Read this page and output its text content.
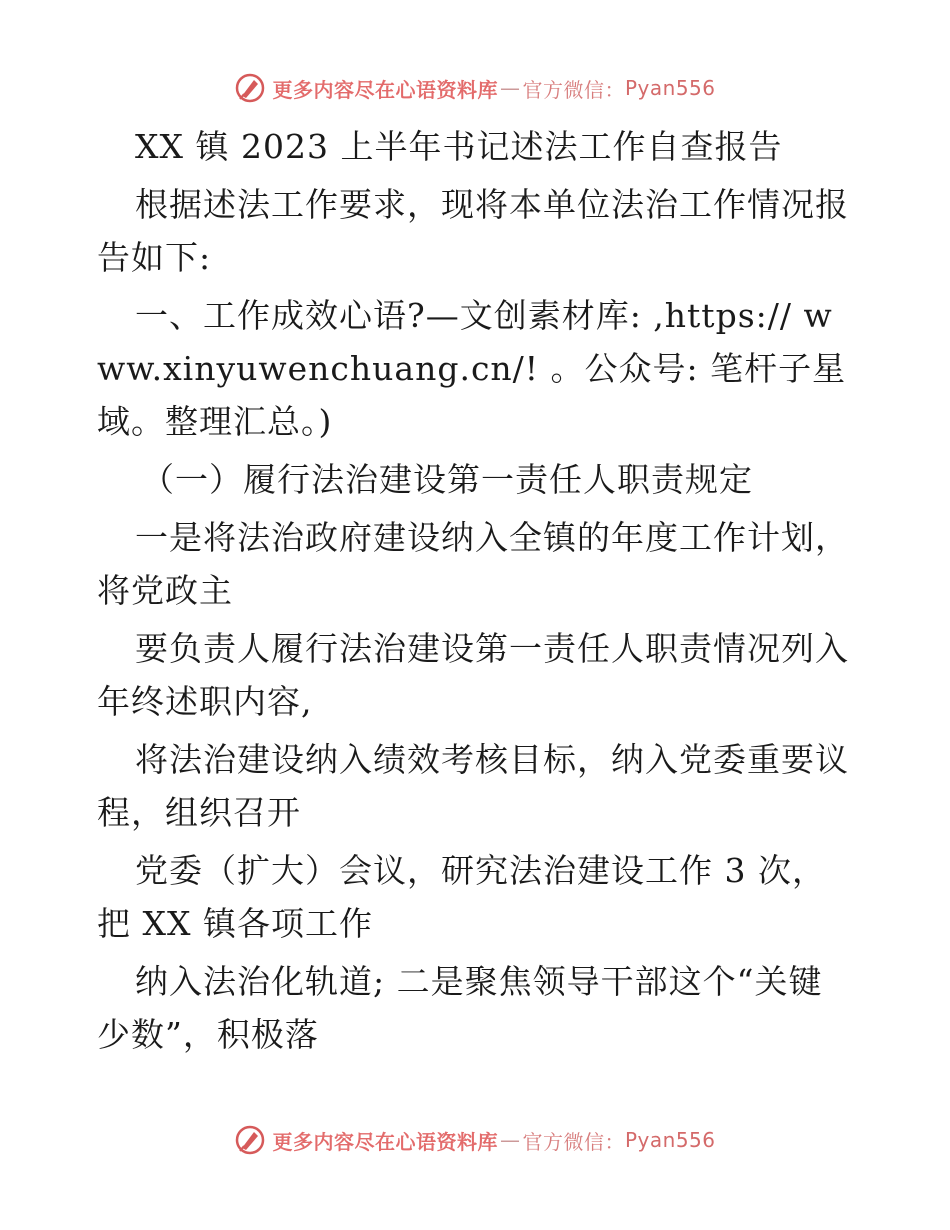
更多内容尽在心语资料库 — 官方微信： Pyan556

XX 镇 2023 上半年书记述法工作自查报告

根据述法工作要求，现将本单位法治工作情况报告如下:

一、工作成效心语?—文创素材库: ,https:// www.xinyuwenchuang.cn/! 。公众号: 笔杆子星域。整理汇总。)

（一）履行法治建设第一责任人职责规定

一是将法治政府建设纳入全镇的年度工作计划，将党政主

要负责人履行法治建设第一责任人职责情况列入年终述职内容,

将法治建设纳入绩效考核目标，纳入党委重要议程，组织召开

党委（扩大）会议，研究法治建设工作 3 次，把 XX 镇各项工作

纳入法治化轨道; 二是聚焦领导干部这个“关键少数”，积极落

更多内容尽在心语资料库 — 官方微信： Pyan556
